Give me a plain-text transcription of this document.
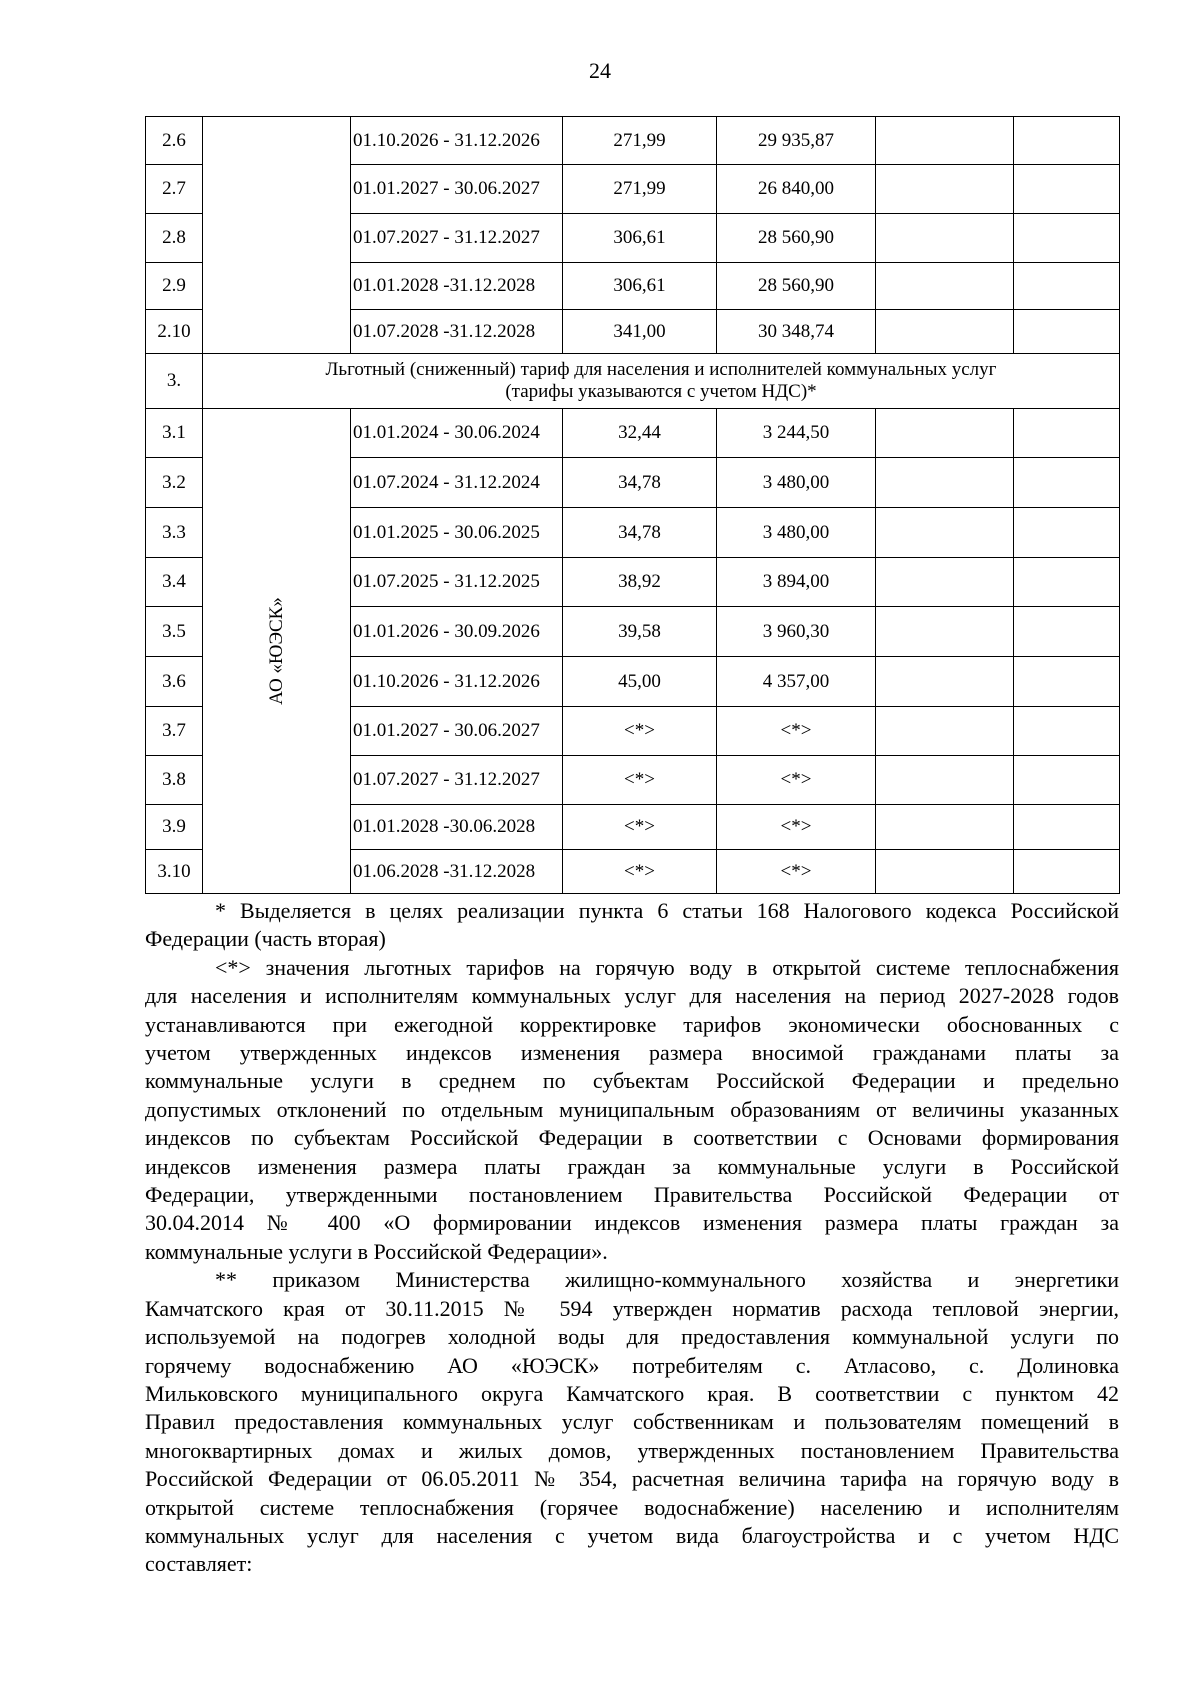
24
2.6		01.10.2026 - 31.12.2026	271,99	29 935,87		
2.7		01.01.2027 - 30.06.2027	271,99	26 840,00		
2.8		01.07.2027 - 31.12.2027	306,61	28 560,90		
2.9		01.01.2028 -31.12.2028	306,61	28 560,90		
2.10		01.07.2028 -31.12.2028	341,00	30 348,74		
3.	Льготный (сниженный) тариф для населения и исполнителей коммунальных услуг
(тарифы указываются с учетом НДС)*					

3.1	АО «ЮЭСК»	01.01.2024 - 30.06.2024	32,44	3 244,50		
3.2		01.07.2024 - 31.12.2024	34,78	3 480,00		
3.3		01.01.2025 - 30.06.2025	34,78	3 480,00		
3.4		01.07.2025 - 31.12.2025	38,92	3 894,00		
3.5		01.01.2026 - 30.09.2026	39,58	3 960,30		
3.6		01.10.2026 - 31.12.2026	45,00	4 357,00		
3.7		01.01.2027 - 30.06.2027	<*>	<*>		
3.8		01.07.2027 - 31.12.2027	<*>	<*>		
3.9		01.01.2028 -30.06.2028	<*>	<*>		
3.10		01.06.2028 -31.12.2028	<*>	<*>		
* Выделяется в целях реализации пункта 6 статьи 168 Налогового кодекса Российской
Федерации (часть вторая)
<*> значения льготных тарифов на горячую воду в открытой системе теплоснабжения
для населения и исполнителям коммунальных услуг для населения на период 2027-2028 годов
устанавливаются при ежегодной корректировке тарифов экономически обоснованных с
учетом утвержденных индексов изменения размера вносимой гражданами платы за
коммунальные услуги в среднем по субъектам Российской Федерации и предельно
допустимых отклонений по отдельным муниципальным образованиям от величины указанных
индексов по субъектам Российской Федерации в соответствии с Основами формирования
индексов изменения размера платы граждан за коммунальные услуги в Российской
Федерации, утвержденными постановлением Правительства Российской Федерации от
30.04.2014 № 400 «О формировании индексов изменения размера платы граждан за
коммунальные услуги в Российской Федерации».
** приказом Министерства жилищно-коммунального хозяйства и энергетики
Камчатского края от 30.11.2015 № 594 утвержден норматив расхода тепловой энергии,
используемой на подогрев холодной воды для предоставления коммунальной услуги по
горячему водоснабжению АО «ЮЭСК» потребителям с. Атласово, с. Долиновка
Мильковского муниципального округа Камчатского края. В соответствии с пунктом 42
Правил предоставления коммунальных услуг собственникам и пользователям помещений в
многоквартирных домах и жилых домов, утвержденных постановлением Правительства
Российской Федерации от 06.05.2011 № 354, расчетная величина тарифа на горячую воду в
открытой системе теплоснабжения (горячее водоснабжение) населению и исполнителям
коммунальных услуг для населения с учетом вида благоустройства и с учетом НДС
составляет:
